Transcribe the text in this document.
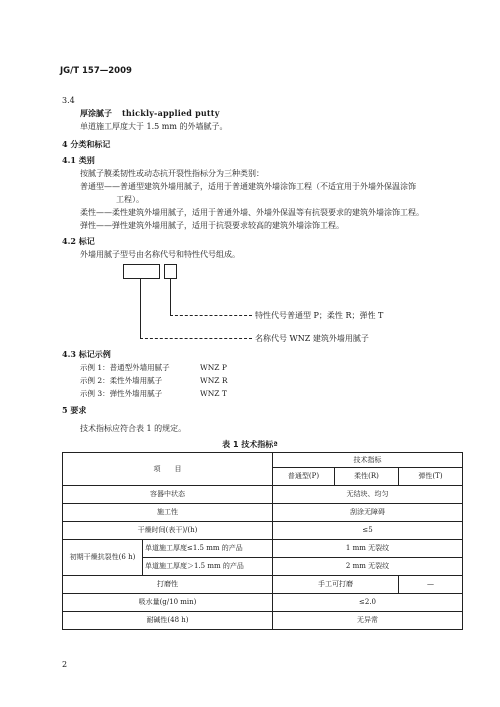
JG/T 157—2009
3.4
厚涂腻子 thickly-applied putty
单道施工厚度大于 1.5 mm 的外墙腻子。
4 分类和标记
4.1 类别
按腻子膜柔韧性或动态抗开裂性指标分为三种类别：
普通型——普通型建筑外墙用腻子，适用于普通建筑外墙涂饰工程（不适宜用于外墙外保温涂饰
工程）。
柔性——柔性建筑外墙用腻子，适用于普通外墙、外墙外保温等有抗裂要求的建筑外墙涂饰工程。
弹性——弹性建筑外墙用腻子，适用于抗裂要求较高的建筑外墙涂饰工程。
4.2 标记
外墙用腻子型号由名称代号和特性代号组成。
特性代号普通型 P；柔性 R；弹性 T
名称代号 WNZ 建筑外墙用腻子
4.3 标记示例
示例 1：普通型外墙用腻子	WNZ P
示例 2：柔性外墙用腻子	WNZ R
示例 3：弹性外墙用腻子	WNZ T
5 要求
技术指标应符合表 1 的规定。
表 1 技术指标ª
项　　目		技术指标		
		普通型(P)	柔性(R)	弹性(T)
容器中状态		无结块、均匀		
施工性		刮涂无障碍		
干燥时间(表干)/(h)		≤5		
初期干燥抗裂性(6 h)	单道施工厚度≤1.5 mm 的产品	1 mm 无裂纹		
	单道施工厚度＞1.5 mm 的产品	2 mm 无裂纹		
打磨性		手工可打磨		—
吸水量(g/10 min)		≤2.0		
耐碱性(48 h)		无异常		
2
